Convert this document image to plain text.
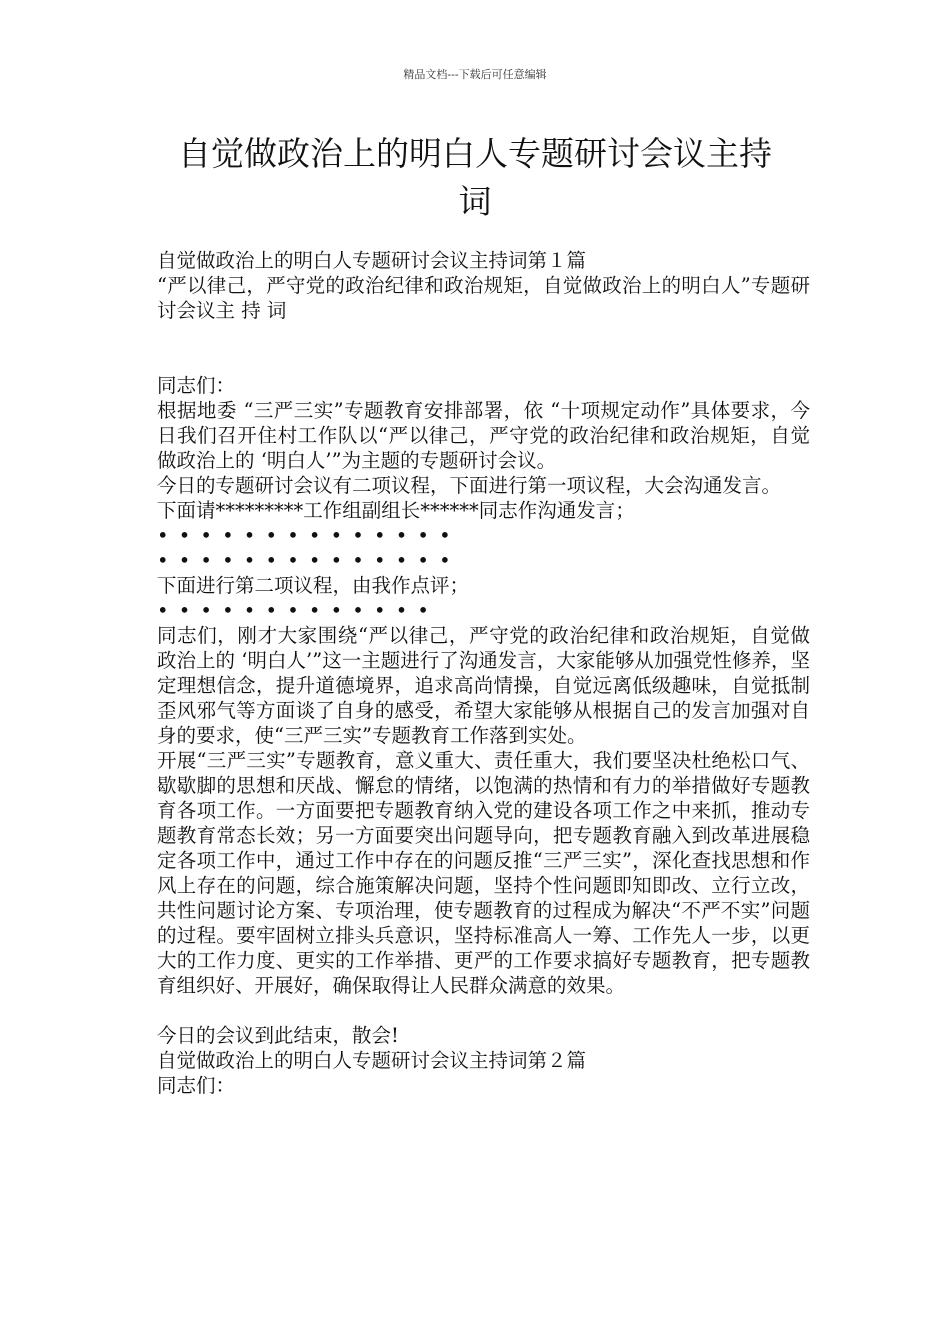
精品文档---下载后可任意编辑
自觉做政治上的明白人专题研讨会议主持
词

自觉做政治上的明白人专题研讨会议主持词第１篇

“严以律己，严守党的政治纪律和政治规矩，自觉做政治上的明白人”专题研讨会议主 持 词

同志们：

根据地委 “三严三实”专题教育安排部署，依 “十项规定动作”具体要求，今日我们召开住村工作队以“严以律己，严守党的政治纪律和政治规矩，自觉做政治上的 ‘明白人’”为主题的专题研讨会议。

今日的专题研讨会议有二项议程，下面进行第一项议程，大会沟通发言。

下面请*********工作组副组长******同志作沟通发言；

• • • • • • • • • • • • • •

• • • • • • • • • • • • • •

下面进行第二项议程，由我作点评；

• • • • • • • • • • • • •

同志们，刚才大家围绕“严以律己，严守党的政治纪律和政治规矩，自觉做政治上的 ‘明白人’”这一主题进行了沟通发言，大家能够从加强党性修养，坚定理想信念，提升道德境界，追求高尚情操，自觉远离低级趣味，自觉抵制歪风邪气等方面谈了自身的感受，希望大家能够从根据自己的发言加强对自身的要求，使“三严三实”专题教育工作落到实处。

开展“三严三实”专题教育，意义重大、责任重大，我们要坚决杜绝松口气、歇歇脚的思想和厌战、懈怠的情绪，以饱满的热情和有力的举措做好专题教育各项工作。一方面要把专题教育纳入党的建设各项工作之中来抓，推动专题教育常态长效；另一方面要突出问题导向，把专题教育融入到改革进展稳定各项工作中，通过工作中存在的问题反推“三严三实”，深化查找思想和作风上存在的问题，综合施策解决问题，坚持个性问题即知即改、立行立改，共性问题讨论方案、专项治理，使专题教育的过程成为解决“不严不实”问题的过程。要牢固树立排头兵意识，坚持标准高人一筹、工作先人一步，以更大的工作力度、更实的工作举措、更严的工作要求搞好专题教育，把专题教育组织好、开展好，确保取得让人民群众满意的效果。

今日的会议到此结束，散会!

自觉做政治上的明白人专题研讨会议主持词第２篇

同志们：
